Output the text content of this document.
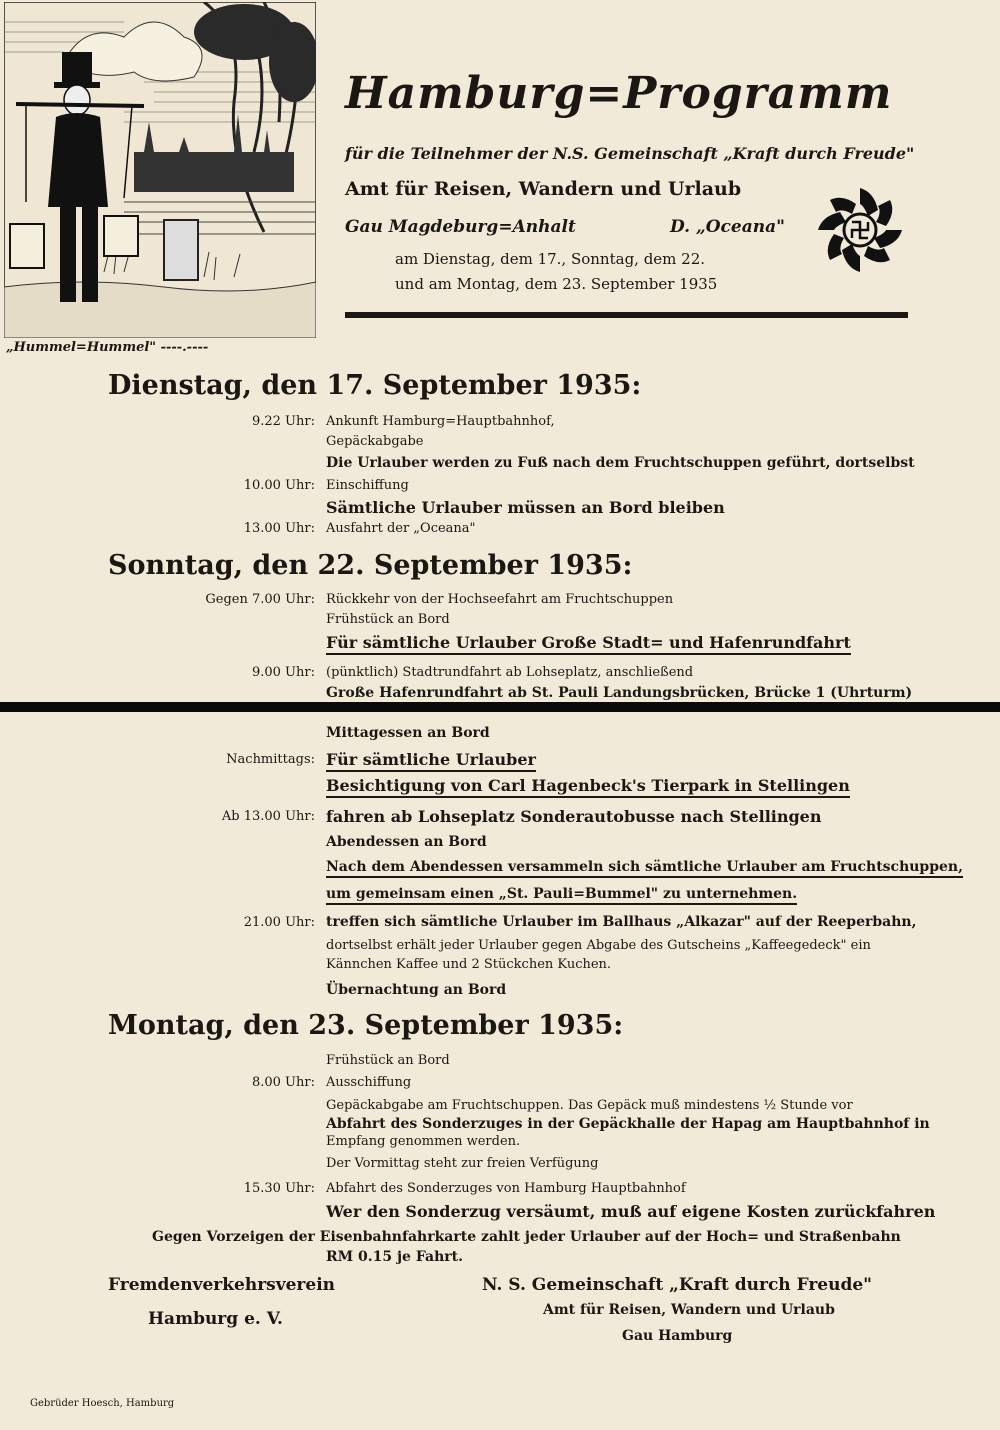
„Hummel=Hummel" ----.----
Hamburg=Programm
für die Teilnehmer der N.S. Gemeinschaft „Kraft durch Freude"
Amt für Reisen, Wandern und Urlaub
Gau Magdeburg=Anhalt	D. „Oceana"
am Dienstag, dem 17., Sonntag, dem 22.
und am Montag, dem 23. September 1935
Dienstag, den 17. September 1935:
9.22 Uhr: Ankunft Hamburg=Hauptbahnhof,
Gepäckabgabe
Die Urlauber werden zu Fuß nach dem Fruchtschuppen geführt, dortselbst
10.00 Uhr: Einschiffung
Sämtliche Urlauber müssen an Bord bleiben
13.00 Uhr: Ausfahrt der „Oceana"
Sonntag, den 22. September 1935:
Gegen 7.00 Uhr: Rückkehr von der Hochseefahrt am Fruchtschuppen
Frühstück an Bord
Für sämtliche Urlauber Große Stadt= und Hafenrundfahrt
9.00 Uhr: (pünktlich) Stadtrundfahrt ab Lohseplatz, anschließend
Große Hafenrundfahrt ab St. Pauli Landungsbrücken, Brücke 1 (Uhrturm)
Mittagessen an Bord
Nachmittags: Für sämtliche Urlauber
Besichtigung von Carl Hagenbeck's Tierpark in Stellingen
Ab 13.00 Uhr: fahren ab Lohseplatz Sonderautobusse nach Stellingen
Abendessen an Bord
Nach dem Abendessen versammeln sich sämtliche Urlauber am Fruchtschuppen,
um gemeinsam einen „St. Pauli=Bummel" zu unternehmen.
21.00 Uhr: treffen sich sämtliche Urlauber im Ballhaus „Alkazar" auf der Reeperbahn,
dortselbst erhält jeder Urlauber gegen Abgabe des Gutscheins „Kaffeegedeck" ein
Kännchen Kaffee und 2 Stückchen Kuchen.
Übernachtung an Bord
Montag, den 23. September 1935:
Frühstück an Bord
8.00 Uhr: Ausschiffung
Gepäckabgabe am Fruchtschuppen. Das Gepäck muß mindestens ½ Stunde vor
Abfahrt des Sonderzuges in der Gepäckhalle der Hapag am Hauptbahnhof in
Empfang genommen werden.
Der Vormittag steht zur freien Verfügung
15.30 Uhr: Abfahrt des Sonderzuges von Hamburg Hauptbahnhof
Wer den Sonderzug versäumt, muß auf eigene Kosten zurückfahren
Gegen Vorzeigen der Eisenbahnfahrkarte zahlt jeder Urlauber auf der Hoch= und Straßenbahn
RM 0.15 je Fahrt.
Fremdenverkehrsverein
Hamburg e. V.
N. S. Gemeinschaft „Kraft durch Freude"
Amt für Reisen, Wandern und Urlaub
Gau Hamburg
Gebrüder Hoesch, Hamburg
